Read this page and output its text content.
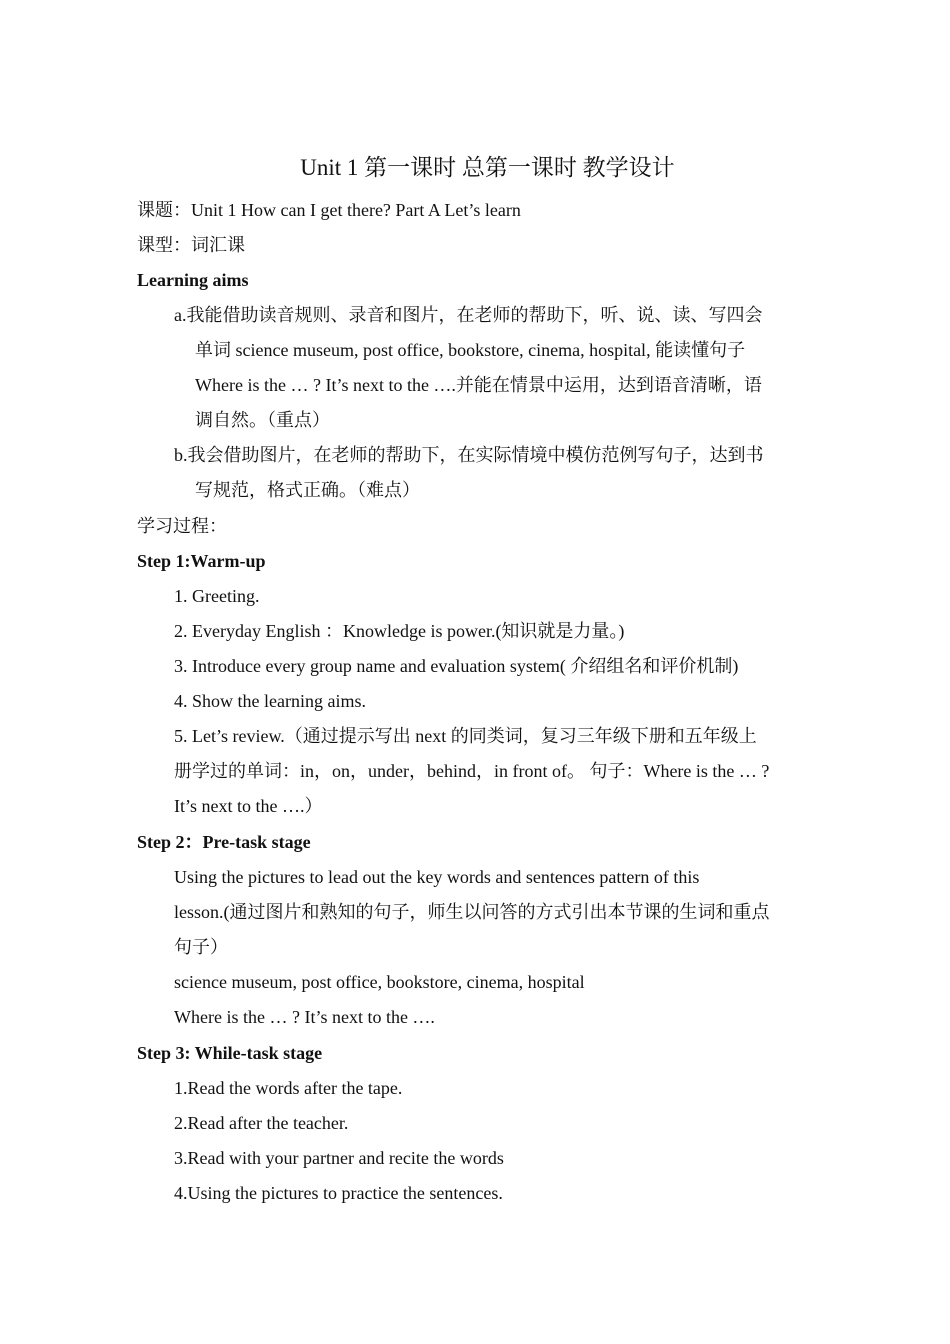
Unit 1 第一课时 总第一课时 教学设计
课题：Unit 1 How can I get there? Part A Let’s learn
课型：词汇课
Learning aims
a.我能借助读音规则、录音和图片，在老师的帮助下，听、说、读、写四会
单词 science museum, post office, bookstore, cinema, hospital, 能读懂句子
Where is the … ? It’s next to the ….并能在情景中运用，达到语音清晰，语
调自然。（重点）
b.我会借助图片，在老师的帮助下，在实际情境中模仿范例写句子，达到书
写规范，格式正确。（难点）
学习过程：
Step 1:Warm-up
1. Greeting.
2. Everyday English ：Knowledge is power.(知识就是力量。)
3. Introduce every group name and evaluation system( 介绍组名和评价机制)
4. Show the learning aims.
5. Let’s review.（通过提示写出 next 的同类词，复习三年级下册和五年级上
册学过的单词：in，on，under，behind，in front of。 句子：Where is the … ?
It’s next to the ….）
Step 2：Pre-task stage
Using the pictures to lead out the key words and sentences pattern of this
lesson.(通过图片和熟知的句子，师生以问答的方式引出本节课的生词和重点
句子）
science museum, post office, bookstore, cinema, hospital
Where is the … ? It’s next to the ….
Step 3: While-task stage
1.Read the words after the tape.
2.Read after the teacher.
3.Read with your partner and recite the words
4.Using the pictures to practice the sentences.
